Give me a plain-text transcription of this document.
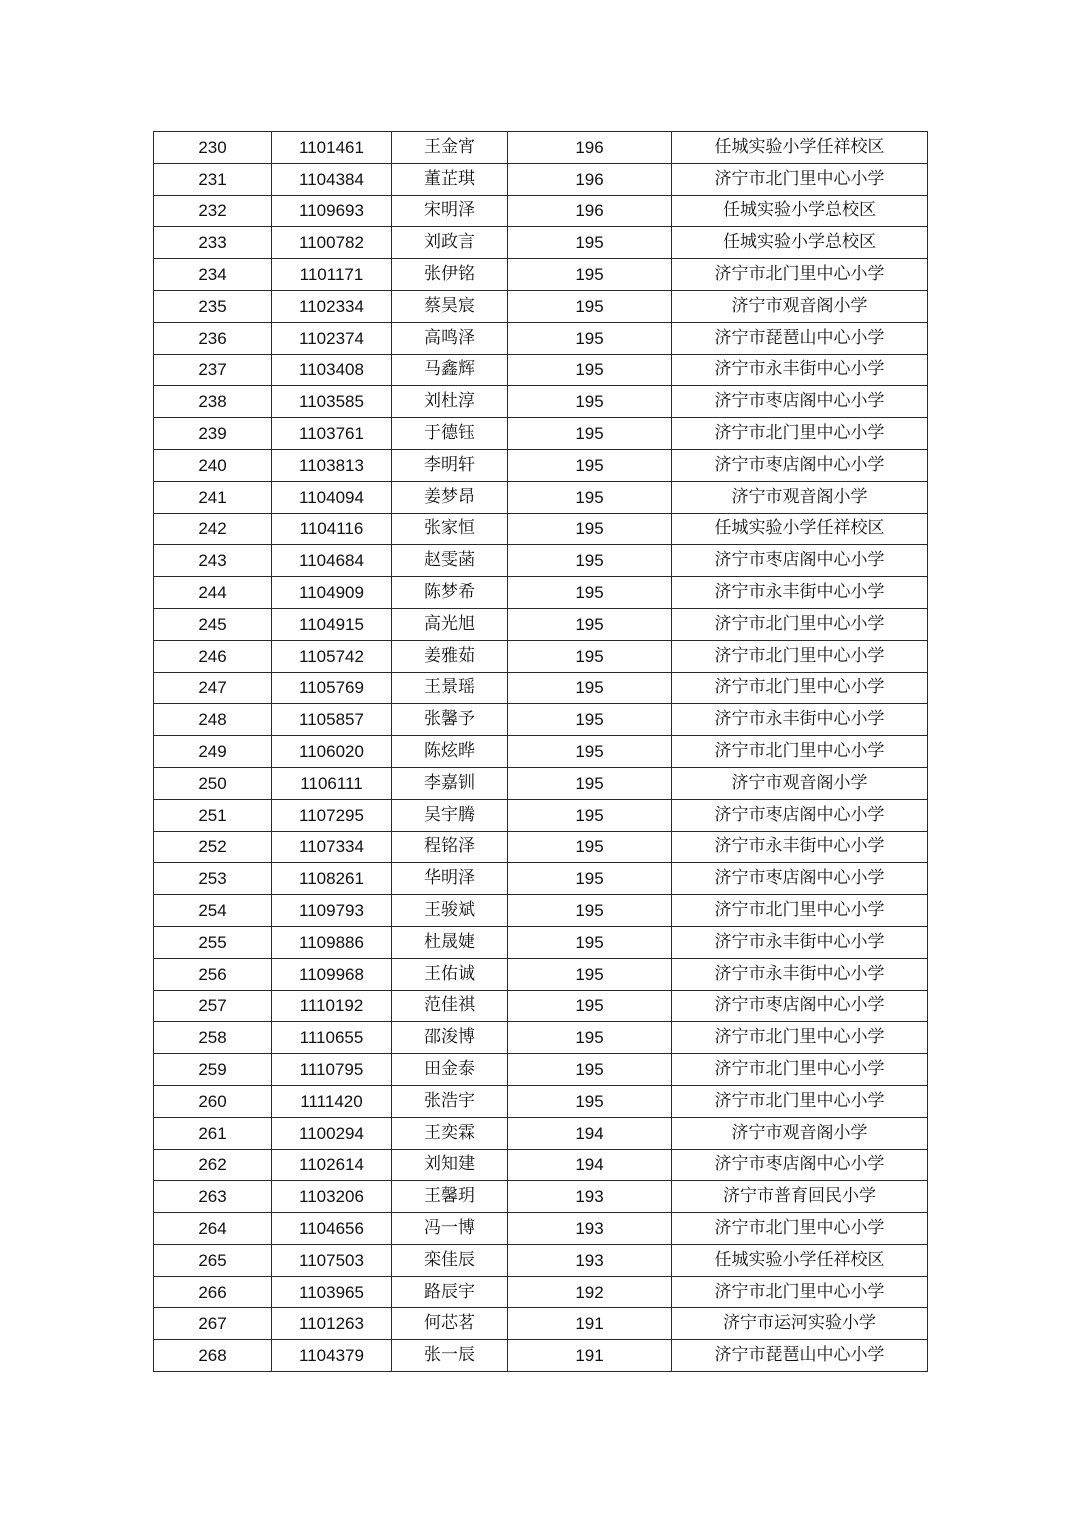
230	1101461	王金宵	196	任城实验小学任祥校区
231	1104384	董芷琪	196	济宁市北门里中心小学
232	1109693	宋明泽	196	任城实验小学总校区
233	1100782	刘政言	195	任城实验小学总校区
234	1101171	张伊铭	195	济宁市北门里中心小学
235	1102334	蔡昊宸	195	济宁市观音阁小学
236	1102374	高鸣泽	195	济宁市琵琶山中心小学
237	1103408	马鑫辉	195	济宁市永丰街中心小学
238	1103585	刘杜淳	195	济宁市枣店阁中心小学
239	1103761	于德钰	195	济宁市北门里中心小学
240	1103813	李明轩	195	济宁市枣店阁中心小学
241	1104094	姜梦昂	195	济宁市观音阁小学
242	1104116	张家恒	195	任城实验小学任祥校区
243	1104684	赵雯菡	195	济宁市枣店阁中心小学
244	1104909	陈梦希	195	济宁市永丰街中心小学
245	1104915	高光旭	195	济宁市北门里中心小学
246	1105742	姜雅茹	195	济宁市北门里中心小学
247	1105769	王景瑶	195	济宁市北门里中心小学
248	1105857	张馨予	195	济宁市永丰街中心小学
249	1106020	陈炫晔	195	济宁市北门里中心小学
250	1106111	李嘉钏	195	济宁市观音阁小学
251	1107295	吴宇腾	195	济宁市枣店阁中心小学
252	1107334	程铭泽	195	济宁市永丰街中心小学
253	1108261	华明泽	195	济宁市枣店阁中心小学
254	1109793	王骏斌	195	济宁市北门里中心小学
255	1109886	杜晟婕	195	济宁市永丰街中心小学
256	1109968	王佑诚	195	济宁市永丰街中心小学
257	1110192	范佳祺	195	济宁市枣店阁中心小学
258	1110655	邵浚博	195	济宁市北门里中心小学
259	1110795	田金泰	195	济宁市北门里中心小学
260	1111420	张浩宇	195	济宁市北门里中心小学
261	1100294	王奕霖	194	济宁市观音阁小学
262	1102614	刘知建	194	济宁市枣店阁中心小学
263	1103206	王馨玥	193	济宁市普育回民小学
264	1104656	冯一博	193	济宁市北门里中心小学
265	1107503	栾佳辰	193	任城实验小学任祥校区
266	1103965	路辰宇	192	济宁市北门里中心小学
267	1101263	何芯茗	191	济宁市运河实验小学
268	1104379	张一辰	191	济宁市琵琶山中心小学
